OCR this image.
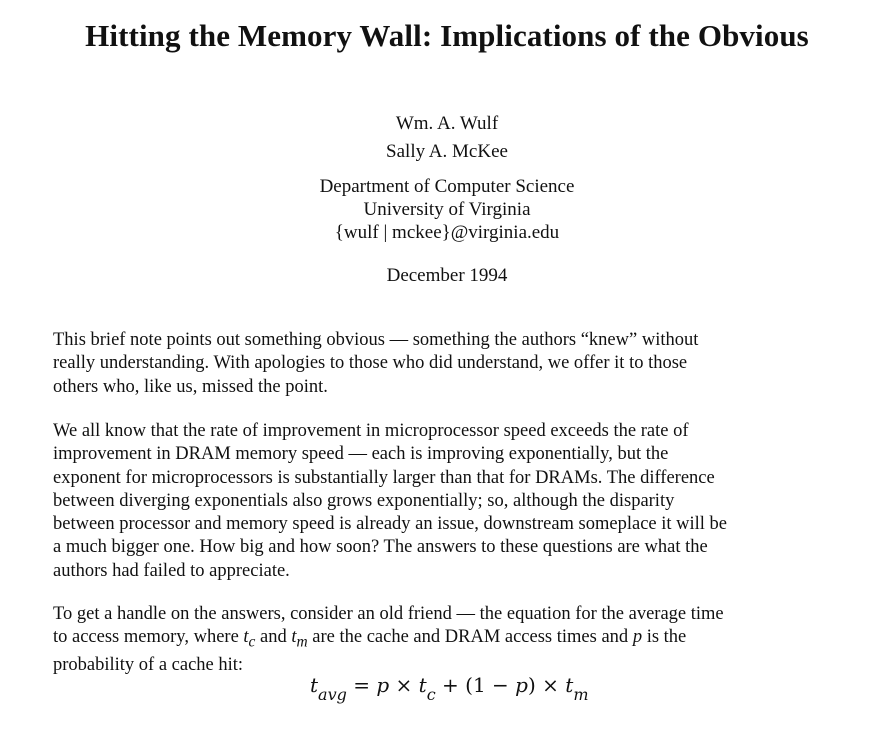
Hitting the Memory Wall: Implications of the Obvious
Wm. A. Wulf
Sally A. McKee
Department of Computer Science
University of Virginia
{wulf | mckee}@virginia.edu
December 1994
This brief note points out something obvious — something the authors “knew” without
really understanding. With apologies to those who did understand, we offer it to those
others who, like us, missed the point.
We all know that the rate of improvement in microprocessor speed exceeds the rate of
improvement in DRAM memory speed — each is improving exponentially, but the
exponent for microprocessors is substantially larger than that for DRAMs. The difference
between diverging exponentials also grows exponentially; so, although the disparity
between processor and memory speed is already an issue, downstream someplace it will be
a much bigger one. How big and how soon? The answers to these questions are what the
authors had failed to appreciate.
To get a handle on the answers, consider an old friend — the equation for the average time
to access memory, where $t_c$ and $t_m$ are the cache and DRAM access times and p is the
probability of a cache hit:
$t_{avg} = p \times t_c + (1 - p) \times t_m$
